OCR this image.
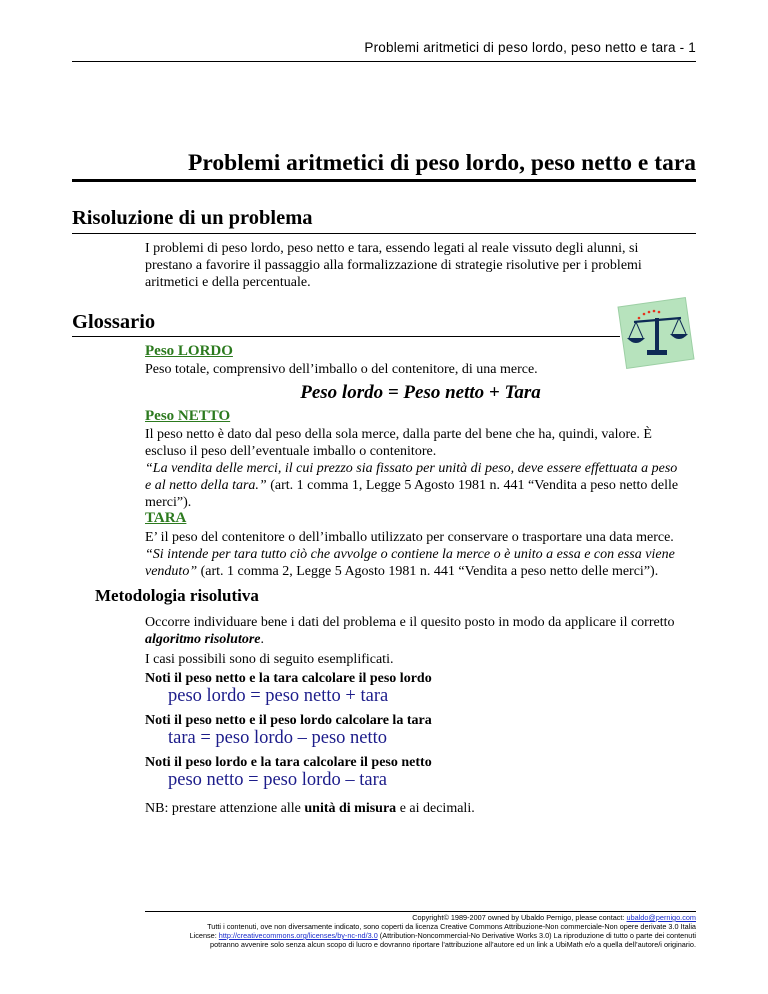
Problemi aritmetici di peso lordo, peso netto e tara - 1
Problemi aritmetici di peso lordo, peso netto e tara
Risoluzione di un problema
I problemi di peso lordo, peso netto e tara, essendo legati al reale vissuto degli alunni, si
prestano a favorire il passaggio alla formalizzazione di strategie risolutive per i problemi
aritmetici e della percentuale.
Glossario
Peso LORDO
Peso totale, comprensivo dell’imballo o del contenitore, di una merce.
Peso lordo = Peso netto + Tara
Peso NETTO
Il peso netto è dato dal peso della sola merce, dalla parte del bene che ha, quindi, valore. È
escluso il peso dell’eventuale imballo o contenitore.
“La vendita delle merci, il cui prezzo sia fissato per unità di peso, deve essere effettuata a peso
e al netto della tara.” (art. 1 comma 1, Legge 5 Agosto 1981 n. 441 “Vendita a peso netto delle
merci”).
TARA
E’ il peso del contenitore o dell’imballo utilizzato per conservare o trasportare una data merce.
“Si intende per tara tutto ciò che avvolge o contiene la merce o è unito a essa e con essa viene
venduto” (art. 1 comma 2, Legge 5 Agosto 1981 n. 441 “Vendita a peso netto delle merci”).
Metodologia risolutiva
Occorre individuare bene i dati del problema e il quesito posto in modo da applicare il corretto
algoritmo risolutore.
I casi possibili sono di seguito esemplificati.
Noti il peso netto e la tara calcolare il peso lordo
peso lordo = peso netto + tara
Noti il peso netto e il peso lordo calcolare la tara
tara = peso lordo – peso netto
Noti il peso lordo e la tara calcolare il peso netto
peso netto = peso lordo – tara
NB: prestare attenzione alle unità di misura e ai decimali.
Copyright© 1989-2007 owned by Ubaldo Pernigo, please contact: ubaldo@pernigo.com
Tutti i contenuti, ove non diversamente indicato, sono coperti da licenza Creative Commons Attribuzione-Non commerciale-Non opere derivate 3.0 Italia
License: http://creativecommons.org/licenses/by-nc-nd/3.0 (Attribution-Noncommercial-No Derivative Works 3.0) La riproduzione di tutto o parte dei contenuti
potranno avvenire solo senza alcun scopo di lucro e dovranno riportare l’attribuzione all’autore ed un link a UbiMath e/o a quella dell’autore/i originario.
